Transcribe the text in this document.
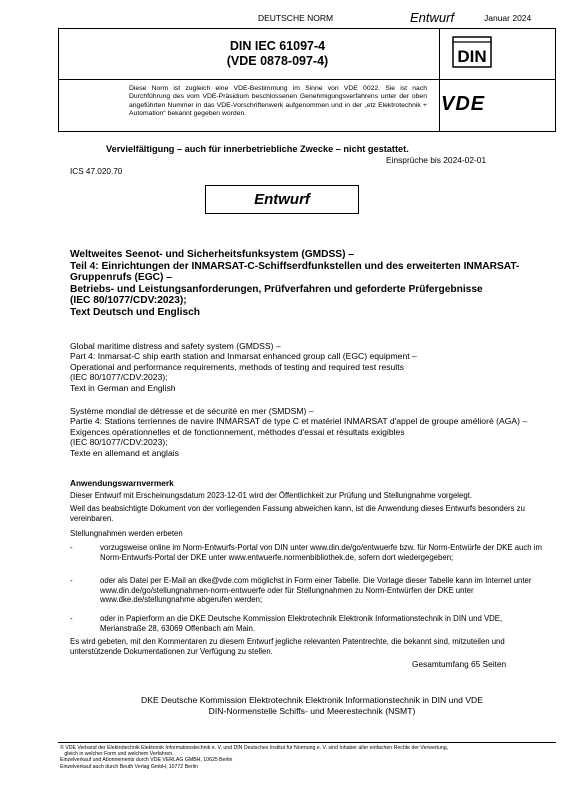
DEUTSCHE NORM	Entwurf	Januar 2024
DIN IEC 61097-4
(VDE 0878-097-4)
Diese Norm ist zugleich eine VDE-Bestimmung im Sinne von VDE 0022. Sie ist nach Durchführung des vom VDE-Präsidium beschlossenen Genehmigungsverfahrens unter der oben angeführten Nummer in das VDE-Vorschriftenwerk aufgenommen und in der „etz Elektrotechnik + Automation“ bekannt gegeben worden.
DIN
VDE
Vervielfältigung – auch für innerbetriebliche Zwecke – nicht gestattet.
Einsprüche bis 2024-02-01
ICS 47.020.70
Entwurf
Weltweites Seenot- und Sicherheitsfunksystem (GMDSS) –
Teil 4: Einrichtungen der INMARSAT-C-Schiffserdfunkstellen und des erweiterten INMARSAT-Gruppenrufs (EGC) –
Betriebs- und Leistungsanforderungen, Prüfverfahren und geforderte Prüfergebnisse
(IEC 80/1077/CDV:2023);
Text Deutsch und Englisch
Global maritime distress and safety system (GMDSS) –
Part 4: Inmarsat-C ship earth station and Inmarsat enhanced group call (EGC) equipment –
Operational and performance requirements, methods of testing and required test results
(IEC 80/1077/CDV:2023);
Text in German and English
Système mondial de détresse et de sécurité en mer (SMDSM) –
Partie 4: Stations terriennes de navire INMARSAT de type C et matériel INMARSAT d'appel de groupe amélioré (AGA) –
Exigences opérationnelles et de fonctionnement, méthodes d'essai et résultats exigibles
(IEC 80/1077/CDV:2023);
Texte en allemand et anglais
Anwendungswarnvermerk
Dieser Entwurf mit Erscheinungsdatum 2023-12-01 wird der Öffentlichkeit zur Prüfung und Stellungnahme vorgelegt.
Weil das beabsichtigte Dokument von der vorliegenden Fassung abweichen kann, ist die Anwendung dieses Entwurfs besonders zu vereinbaren.
Stellungnahmen werden erbeten
-	vorzugsweise online im Norm-Entwurfs-Portal von DIN unter www.din.de/go/entwuerfe bzw. für Norm-Entwürfe der DKE auch im Norm-Entwurfs-Portal der DKE unter www.entwuerfe.normenbibliothek.de, sofern dort wiedergegeben;
-	oder als Datei per E-Mail an dke@vde.com möglichst in Form einer Tabelle. Die Vorlage dieser Tabelle kann im Internet unter www.din.de/go/stellungnahmen-norm-entwuerfe oder für Stellungnahmen zu Norm-Entwürfen der DKE unter www.dke.de/stellungnahme abgerufen werden;
-	oder in Papierform an die DKE Deutsche Kommission Elektrotechnik Elektronik Informationstechnik in DIN und VDE, Merianstraße 28, 63069 Offenbach am Main.
Es wird gebeten, mit den Kommentaren zu diesem Entwurf jegliche relevanten Patentrechte, die bekannt sind, mitzuteilen und unterstützende Dokumentationen zur Verfügung zu stellen.
Gesamtumfang 65 Seiten
DKE Deutsche Kommission Elektrotechnik Elektronik Informationstechnik in DIN und VDE
DIN-Normenstelle Schiffs- und Meerestechnik (NSMT)
© VDE Verband der Elektrotechnik Elektronik Informationstechnik e. V. und DIN Deutsches Institut für Normung e. V. sind Inhaber aller einfachen Rechte der Verwertung,
gleich in welcher Form und welchem Verfahren.
Einzelverkauf und Abonnements durch VDE VERLAG GMBH, 10625 Berlin
Einzelverkauf auch durch Beuth Verlag GmbH, 10772 Berlin
